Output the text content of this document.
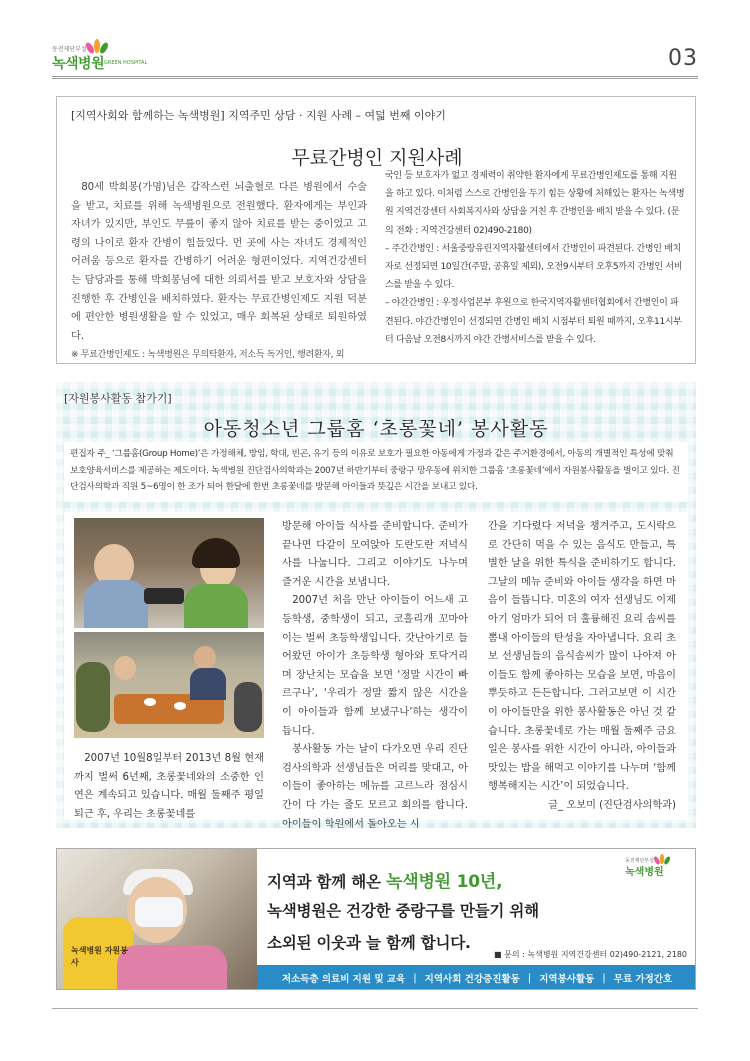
동전제단부설
녹색병원 GREEN HOSPITAL	03
[지역사회와 함께하는 녹색병원] 지역주민 상담 · 지원 사례 – 여덟 번째 이야기
무료간병인 지원사례

80세 박희봉(가명)님은 갑작스런 뇌출혈로 다른 병원에서 수술을 받고, 치료를 위해 녹색병원으로 전원했다. 환자에게는 부인과 자녀가 있지만, 부인도 무릎이 좋지 않아 치료를 받는 중이었고 고령의 나이로 환자 간병이 힘들었다. 먼 곳에 사는 자녀도 경제적인 어려움 등으로 환자를 간병하기 어려운 형편이었다. 지역건강센터는 담당과를 통해 박희봉님에 대한 의뢰서를 받고 보호자와 상담을 진행한 후 간병인을 배치하였다. 환자는 무료간병인제도 지원 덕분에 편안한 병원생활을 할 수 있었고, 매우 회복된 상태로 퇴원하였다.

※ 무료간병인제도 : 녹색병원은 무의탁환자, 저소득 독거인, 행려환자, 외

국인 등 보호자가 없고 경제력이 취약한 환자에게 무료간병인제도를 통해 지원을 하고 있다. 이처럼 스스로 간병인을 두기 힘든 상황에 처해있는 환자는 녹색병원 지역건강센터 사회복지사와 상담을 거친 후 간병인을 배치 받을 수 있다. (문의 전화 : 지역건강센터 02)490-2180)

– 주간간병인 : 서울중랑유린지역자활센터에서 간병인이 파견된다. 간병인 배치자로 선정되면 10일간(주말, 공휴일 제외), 오전9시부터 오후5까지 간병인 서비스를 받을 수 있다.

– 야간간병인 : 우정사업본부 후원으로 한국지역자활센터협회에서 간병인이 파견된다. 야간간병인이 선정되면 간병인 배치 시점부터 퇴원 때까지, 오후11시부터 다음날 오전8시까지 야간 간병서비스를 받을 수 있다.

[자원봉사활동 참가기]
아동청소년 그룹홈 ‘초롱꽃네’ 봉사활동
편집자 주_ ‘그룹홈(Group Home)’은 가정해체, 방임, 학대, 빈곤, 유기 등의 이유로 보호가 필요한 아동에게 가정과 같은 주거환경에서, 아동의 개별적인 특성에 맞춰 보호양육서비스를 제공하는 제도이다. 녹색병원 진단검사의학과는 2007년 하반기부터 중랑구 망우동에 위치한 그룹홈 ‘초롱꽃네’에서 자원봉사활동을 벌이고 있다. 진단검사의학과 직원 5~6명이 한 조가 되어 한달에 한번 초롱꽃네를 방문해 아이들과 뜻깊은 시간을 보내고 있다.

2007년 10월8일부터 2013년 8월 현재까지 벌써 6년째, 초롱꽃네와의 소중한 인연은 계속되고 있습니다. 매월 둘째주 평일 퇴근 후, 우리는 초롱꽃네를

방문해 아이들 식사를 준비합니다. 준비가 끝나면 다같이 모여앉아 도란도란 저녁식사를 나눕니다. 그리고 이야기도 나누며 즐거운 시간을 보냅니다.

2007년 처음 만난 아이들이 어느새 고등학생, 중학생이 되고, 코흘리개 꼬마아이는 벌써 초등학생입니다. 갓난아기로 들어왔던 아이가 초등학생 형아와 토닥거리며 장난치는 모습을 보면 ‘정말 시간이 빠르구나’, ‘우리가 정말 짧지 않은 시간을 이 아이들과 함께 보냈구나’하는 생각이 듭니다.

봉사활동 가는 날이 다가오면 우리 진단검사의학과 선생님들은 머리를 맞대고, 아이들이 좋아하는 메뉴를 고르느라 점심시간이 다 가는 줄도 모르고 회의를 합니다. 아이들이 학원에서 돌아오는 시

간을 기다렸다 저녁을 챙겨주고, 도시락으로 간단히 먹을 수 있는 음식도 만들고, 특별한 날을 위한 특식을 준비하기도 합니다. 그날의 메뉴 준비와 아이들 생각을 하면 마음이 들뜹니다. 미혼의 여자 선생님도 이제 아기 엄마가 되어 더 훌륭해진 요리 솜씨를 뽐내 아이들의 탄성을 자아냅니다. 요리 초보 선생님들의 음식솜씨가 많이 나아져 아이들도 함께 좋아하는 모습을 보면, 마음이 뿌듯하고 든든합니다. 그러고보면 이 시간이 아이들만을 위한 봉사활동은 아닌 것 같습니다. 초롱꽃네로 가는 매월 둘째주 금요일은 봉사를 위한 시간이 아니라, 아이들과 맛있는 밥을 해먹고 이야기를 나누며 ‘함께 행복해지는 시간’이 되었습니다.
글_ 오보미 (진단검사의학과)
녹색병원 자원봉사
동전제단부설
녹색병원
지역과 함께 해온 녹색병원 10년,
녹색병원은 건강한 중랑구를 만들기 위해
소외된 이웃과 늘 함께 합니다.
■ 문의 : 녹색병원 지역건강센터 02)490-2121, 2180
저소득층 의료비 지원 및 교육 | 지역사회 건강증진활동 | 지역봉사활동 | 무료 가정간호
